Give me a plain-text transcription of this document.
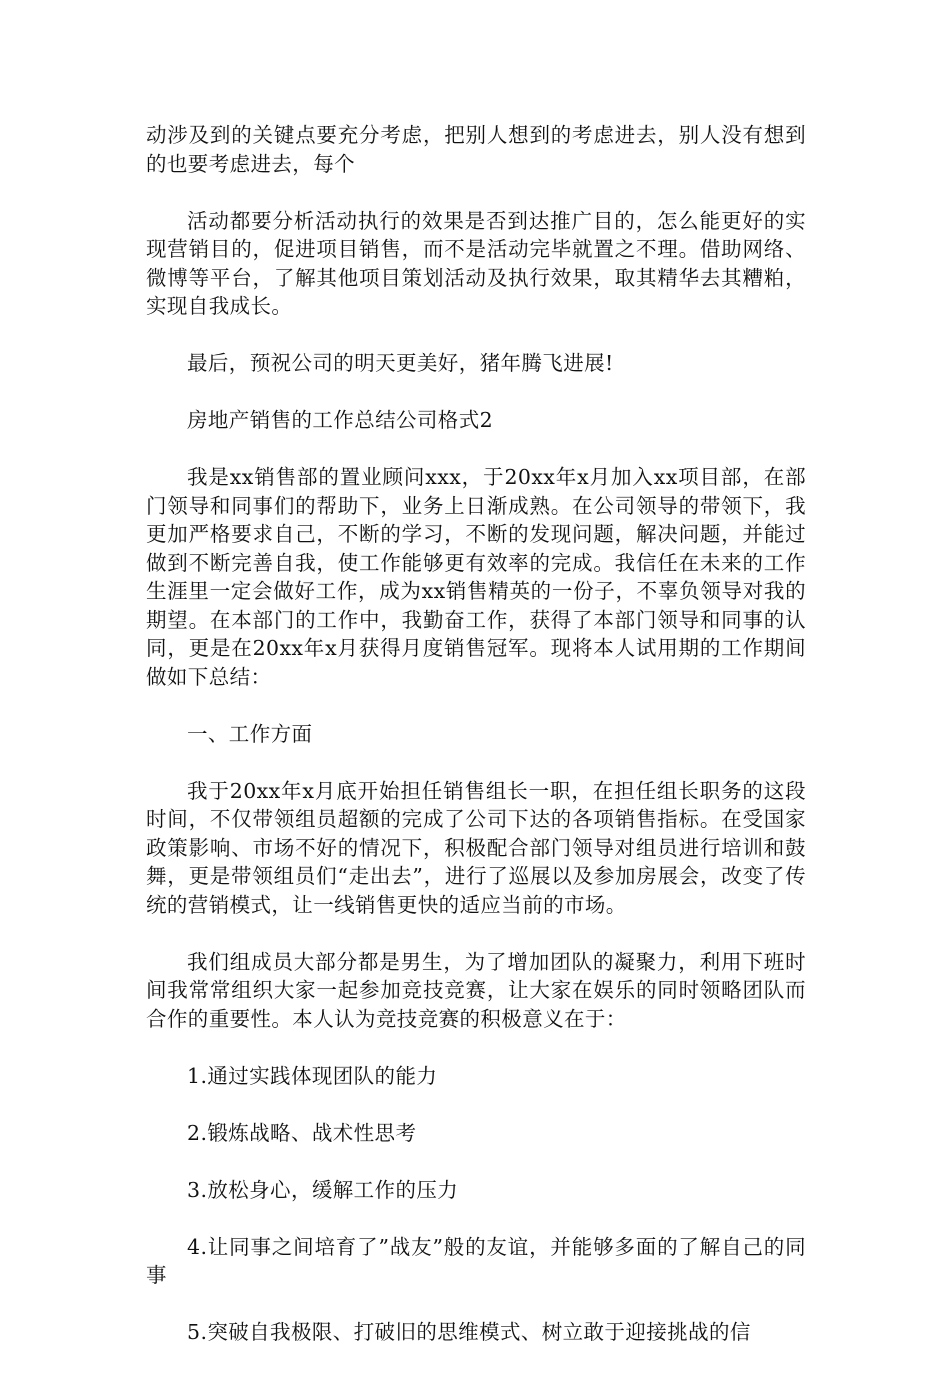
动涉及到的关键点要充分考虑，把别人想到的考虑进去，别人没有想到的也要考虑进去，每个

活动都要分析活动执行的效果是否到达推广目的，怎么能更好的实现营销目的，促进项目销售，而不是活动完毕就置之不理。借助网络、微博等平台，了解其他项目策划活动及执行效果，取其精华去其糟粕，实现自我成长。

最后，预祝公司的明天更美好，猪年腾飞进展!

房地产销售的工作总结公司格式2

我是xx销售部的置业顾问xxx，于20xx年x月加入xx项目部，在部门领导和同事们的帮助下，业务上日渐成熟。在公司领导的带领下，我更加严格要求自己，不断的学习，不断的发现问题，解决问题，并能过做到不断完善自我，使工作能够更有效率的完成。我信任在未来的工作生涯里一定会做好工作，成为xx销售精英的一份子，不辜负领导对我的期望。在本部门的工作中，我勤奋工作，获得了本部门领导和同事的认同，更是在20xx年x月获得月度销售冠军。现将本人试用期的工作期间做如下总结：

一、工作方面

我于20xx年x月底开始担任销售组长一职，在担任组长职务的这段时间，不仅带领组员超额的完成了公司下达的各项销售指标。在受国家政策影响、市场不好的情况下，积极配合部门领导对组员进行培训和鼓舞，更是带领组员们“走出去”，进行了巡展以及参加房展会，改变了传统的营销模式，让一线销售更快的适应当前的市场。

我们组成员大部分都是男生，为了增加团队的凝聚力，利用下班时间我常常组织大家一起参加竞技竞赛，让大家在娱乐的同时领略团队而合作的重要性。本人认为竞技竞赛的积极意义在于：

1.通过实践体现团队的能力

2.锻炼战略、战术性思考

3.放松身心，缓解工作的压力

4.让同事之间培育了”战友”般的友谊，并能够多面的了解自己的同事

5.突破自我极限、打破旧的思维模式、树立敢于迎接挑战的信
